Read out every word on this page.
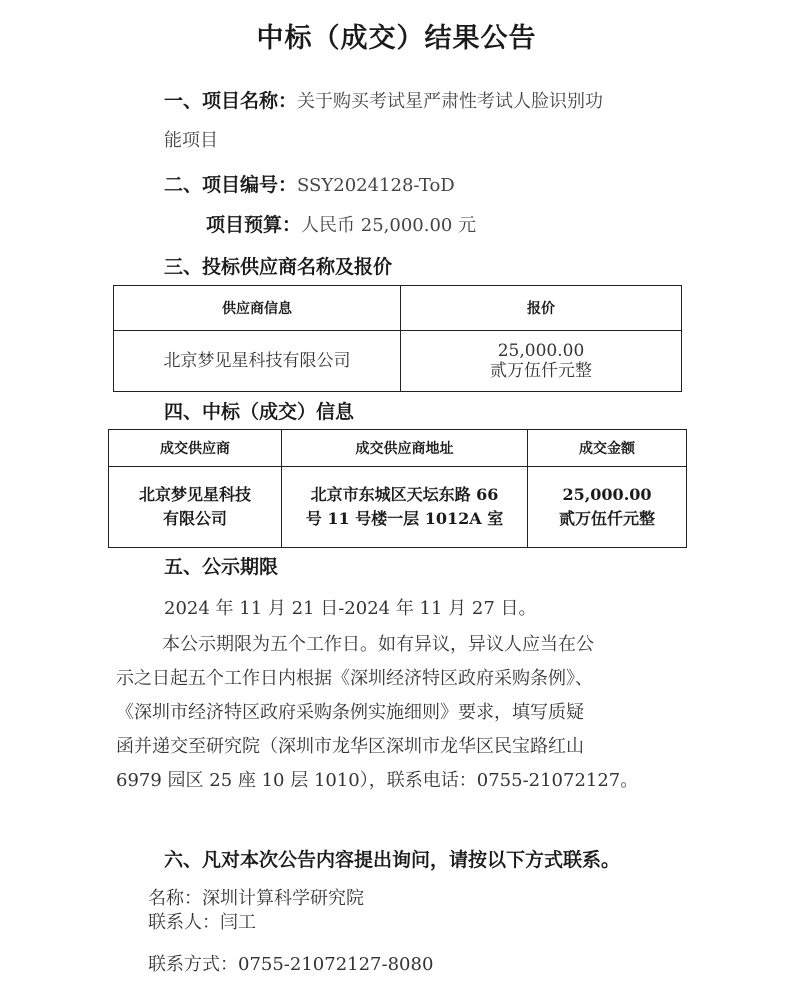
中标（成交）结果公告
一、项目名称：关于购买考试星严肃性考试人脸识别功
能项目
二、项目编号：SSY2024128-ToD
项目预算：人民币 25,000.00 元
三、投标供应商名称及报价
供应商信息	报价
北京梦见星科技有限公司	25,000.00
贰万伍仟元整
四、中标（成交）信息
成交供应商	成交供应商地址	成交金额

北京梦见星科技
有限公司	北京市东城区天坛东路 66
号 11 号楼一层 1012A 室	25,000.00
贰万伍仟元整
五、公示期限
2024 年 11 月 21 日-2024 年 11 月 27 日。
本公示期限为五个工作日。如有异议，异议人应当在公
示之日起五个工作日内根据《深圳经济特区政府采购条例》、
《深圳市经济特区政府采购条例实施细则》要求，填写质疑
函并递交至研究院（深圳市龙华区深圳市龙华区民宝路红山
6979 园区 25 座 10 层 1010），联系电话：0755-21072127。
六、凡对本次公告内容提出询问，请按以下方式联系。
名称：深圳计算科学研究院
联系人：闫工
联系方式：0755-21072127-8080
